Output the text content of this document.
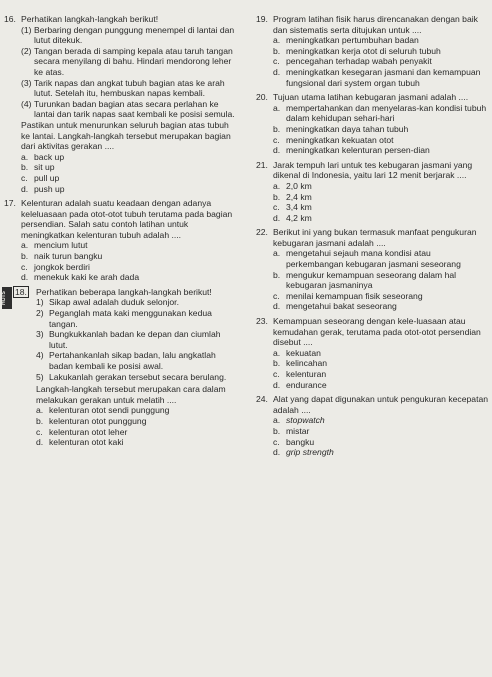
16. Perhatikan langkah-langkah berikut!
(1) Berbaring dengan punggung menempel di lantai dan lutut ditekuk.
(2) Tangan berada di samping kepala atau taruh tangan secara menyilang di bahu. Hindari mendorong leher ke atas.
(3) Tarik napas dan angkat tubuh bagian atas ke arah lutut. Setelah itu, hembuskan napas kembali.
(4) Turunkan badan bagian atas secara perlahan ke lantai dan tarik napas saat kembali ke posisi semula.
Pastikan untuk menurunkan seluruh bagian atas tubuh ke lantai. Langkah-langkah tersebut merupakan bagian dari aktivitas gerakan ....
a. back up
b. sit up
c. pull up
d. push up
17. Kelenturan adalah suatu keadaan dengan adanya keleluasaan pada otot-otot tubuh terutama pada bagian persendian. Salah satu contoh latihan untuk meningkatkan kelenturan tubuh adalah ....
a. mencium lutut
b. naik turun bangku
c. jongkok berdiri
d. menekuk kaki ke arah dada
HOTS 18.	Perhatikan beberapa langkah-langkah berikut!
1) Sikap awal adalah duduk selonjor.
2) Peganglah mata kaki menggunakan kedua tangan.
3) Bungkukkanlah badan ke depan dan ciumlah lutut.
4) Pertahankanlah sikap badan, lalu angkatlah badan kembali ke posisi awal.
5) Lakukanlah gerakan tersebut secara berulang.
Langkah-langkah tersebut merupakan cara dalam melakukan gerakan untuk melatih ....
a. kelenturan otot sendi punggung
b. kelenturan otot punggung
c. kelenturan otot leher
d. kelenturan otot kaki
19. Program latihan fisik harus direncanakan dengan baik dan sistematis serta ditujukan untuk ....
a. meningkatkan pertumbuhan badan
b. meningkatkan kerja otot di seluruh tubuh
c. pencegahan terhadap wabah penyakit
d. meningkatkan kesegaran jasmani dan kemampuan fungsional dari system organ tubuh
20. Tujuan utama latihan kebugaran jasmani adalah ....
a. mempertahankan dan menyelaras-kan kondisi tubuh dalam kehidupan sehari-hari
b. meningkatkan daya tahan tubuh
c. meningkatkan kekuatan otot
d. meningkatkan kelenturan persen-dian
21. Jarak tempuh lari untuk tes kebugaran jasmani yang dikenal di Indonesia, yaitu lari 12 menit berjarak ....
a. 2,0 km
b. 2,4 km
c. 3,4 km
d. 4,2 km
22. Berikut ini yang bukan termasuk manfaat pengukuran kebugaran jasmani adalah ....
a. mengetahui sejauh mana kondisi atau perkembangan kebugaran jasmani seseorang
b. mengukur kemampuan seseorang dalam hal kebugaran jasmaninya
c. menilai kemampuan fisik seseorang
d. mengetahui bakat seseorang
23. Kemampuan seseorang dengan kele-luasaan atau kemudahan gerak, terutama pada otot-otot persendian disebut ....
a. kekuatan
b. kelincahan
c. kelenturan
d. endurance
24. Alat yang dapat digunakan untuk pengukuran kecepatan adalah ....
a. stopwatch
b. mistar
c. bangku
d. grip strength
